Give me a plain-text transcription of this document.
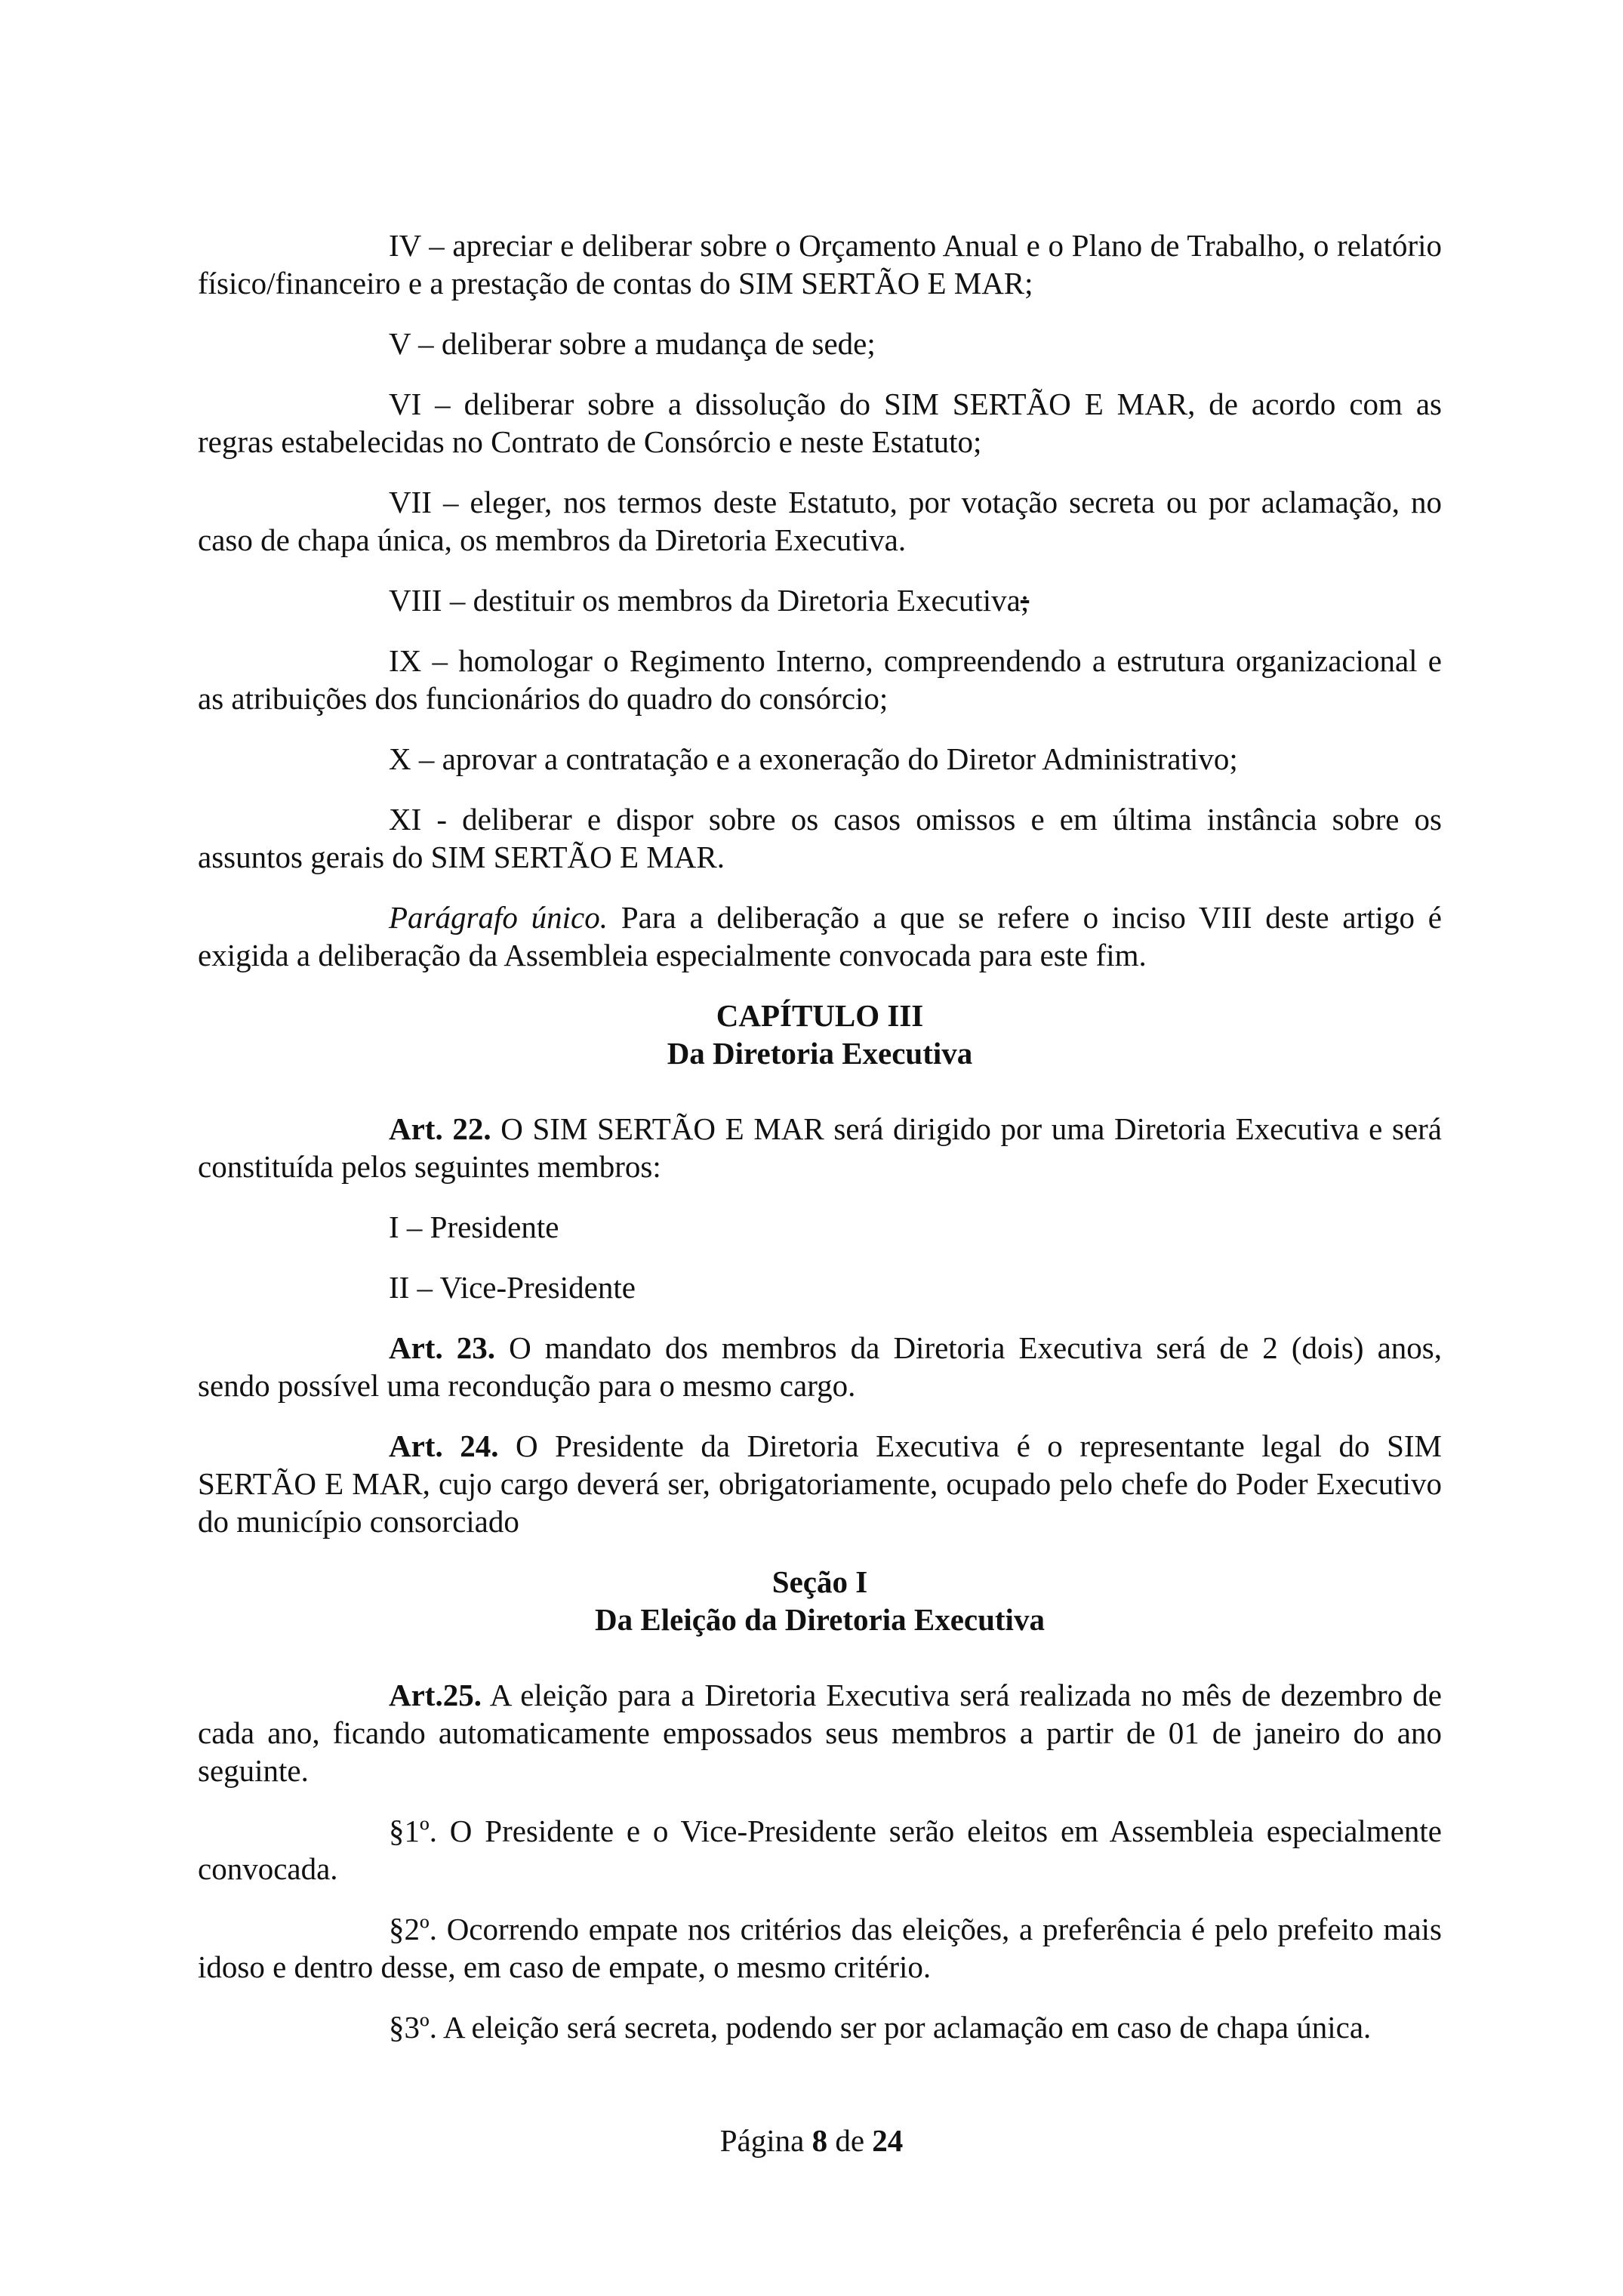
IV – apreciar e deliberar sobre o Orçamento Anual e o Plano de Trabalho, o relatório físico/financeiro e a prestação de contas do SIM SERTÃO E MAR;

V – deliberar sobre a mudança de sede;

VI – deliberar sobre a dissolução do SIM SERTÃO E MAR, de acordo com as regras estabelecidas no Contrato de Consórcio e neste Estatuto;

VII – eleger, nos termos deste Estatuto, por votação secreta ou por aclamação, no caso de chapa única, os membros da Diretoria Executiva.

VIII – destituir os membros da Diretoria Executiva;

IX – homologar o Regimento Interno, compreendendo a estrutura organizacional e as atribuições dos funcionários do quadro do consórcio;

X – aprovar a contratação e a exoneração do Diretor Administrativo;

XI - deliberar e dispor sobre os casos omissos e em última instância sobre os assuntos gerais do SIM SERTÃO E MAR.

Parágrafo único. Para a deliberação a que se refere o inciso VIII deste artigo é exigida a deliberação da Assembleia especialmente convocada para este fim.

CAPÍTULO III

Da Diretoria Executiva

Art. 22. O SIM SERTÃO E MAR será dirigido por uma Diretoria Executiva e será constituída pelos seguintes membros:

I – Presidente

II – Vice-Presidente

Art. 23. O mandato dos membros da Diretoria Executiva será de 2 (dois) anos, sendo possível uma recondução para o mesmo cargo.

Art. 24. O Presidente da Diretoria Executiva é o representante legal do SIM SERTÃO E MAR, cujo cargo deverá ser, obrigatoriamente, ocupado pelo chefe do Poder Executivo do município consorciado

Seção I

Da Eleição da Diretoria Executiva

Art.25. A eleição para a Diretoria Executiva será realizada no mês de dezembro de cada ano, ficando automaticamente empossados seus membros a partir de 01 de janeiro do ano seguinte.

§1º. O Presidente e o Vice-Presidente serão eleitos em Assembleia especialmente convocada.

§2º. Ocorrendo empate nos critérios das eleições, a preferência é pelo prefeito mais idoso e dentro desse, em caso de empate, o mesmo critério.

§3º. A eleição será secreta, podendo ser por aclamação em caso de chapa única.

Página 8 de 24
